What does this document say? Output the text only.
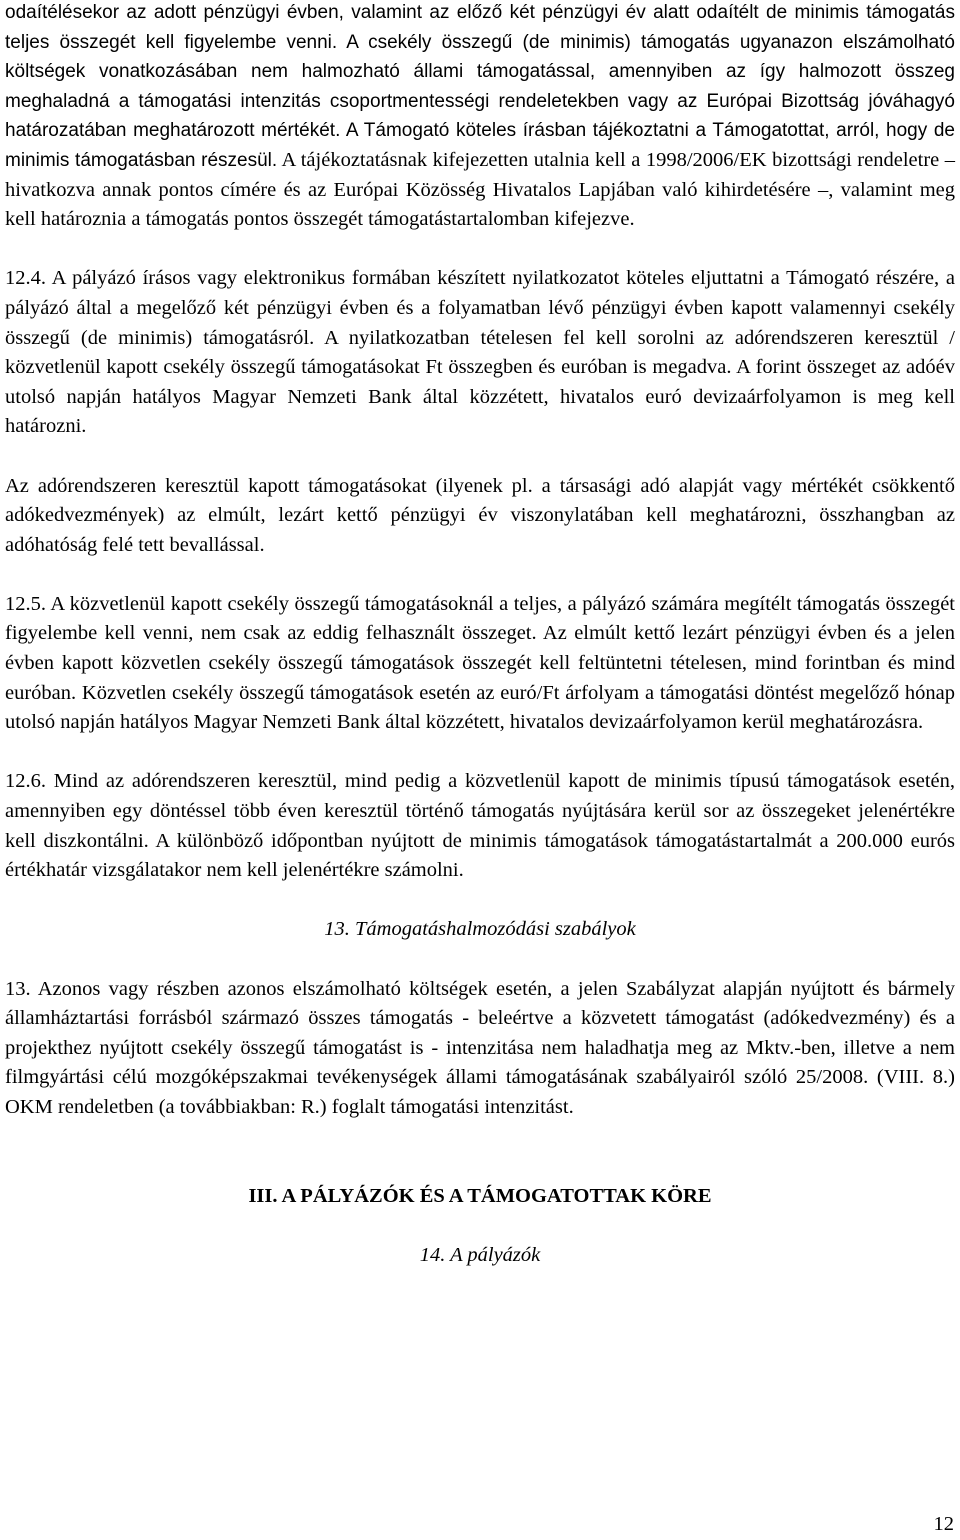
odaítélésekor az adott pénzügyi évben, valamint az előző két pénzügyi év alatt odaítélt de minimis támogatás teljes összegét kell figyelembe venni. A csekély összegű (de minimis) támogatás ugyanazon elszámolható költségek vonatkozásában nem halmozható állami támogatással, amennyiben az így halmozott összeg meghaladná a támogatási intenzitás csoportmentességi rendeletekben vagy az Európai Bizottság jóváhagyó határozatában meghatározott mértékét. A Támogató köteles írásban tájékoztatni a Támogatottat, arról, hogy de minimis támogatásban részesül. A tájékoztatásnak kifejezetten utalnia kell a 1998/2006/EK bizottsági rendeletre – hivatkozva annak pontos címére és az Európai Közösség Hivatalos Lapjában való kihirdetésére –, valamint meg kell határoznia a támogatás pontos összegét támogatástartalomban kifejezve.

12.4. A pályázó írásos vagy elektronikus formában készített nyilatkozatot köteles eljuttatni a Támogató részére, a pályázó által a megelőző két pénzügyi évben és a folyamatban lévő pénzügyi évben kapott valamennyi csekély összegű (de minimis) támogatásról. A nyilatkozatban tételesen fel kell sorolni az adórendszeren keresztül / közvetlenül kapott csekély összegű támogatásokat Ft összegben és euróban is megadva. A forint összeget az adóév utolsó napján hatályos Magyar Nemzeti Bank által közzétett, hivatalos euró devizaárfolyamon is meg kell határozni.

Az adórendszeren keresztül kapott támogatásokat (ilyenek pl. a társasági adó alapját vagy mértékét csökkentő adókedvezmények) az elmúlt, lezárt kettő pénzügyi év viszonylatában kell meghatározni, összhangban az adóhatóság felé tett bevallással.

12.5. A közvetlenül kapott csekély összegű támogatásoknál a teljes, a pályázó számára megítélt támogatás összegét figyelembe kell venni, nem csak az eddig felhasznált összeget. Az elmúlt kettő lezárt pénzügyi évben és a jelen évben kapott közvetlen csekély összegű támogatások összegét kell feltüntetni tételesen, mind forintban és mind euróban. Közvetlen csekély összegű támogatások esetén az euró/Ft árfolyam a támogatási döntést megelőző hónap utolsó napján hatályos Magyar Nemzeti Bank által közzétett, hivatalos devizaárfolyamon kerül meghatározásra.

12.6. Mind az adórendszeren keresztül, mind pedig a közvetlenül kapott de minimis típusú támogatások esetén, amennyiben egy döntéssel több éven keresztül történő támogatás nyújtására kerül sor az összegeket jelenértékre kell diszkontálni. A különböző időpontban nyújtott de minimis támogatások támogatástartalmát a 200.000 eurós értékhatár vizsgálatakor nem kell jelenértékre számolni.

13. Támogatáshalmozódási szabályok

13. Azonos vagy részben azonos elszámolható költségek esetén, a jelen Szabályzat alapján nyújtott és bármely államháztartási forrásból származó összes támogatás - beleértve a közvetett támogatást (adókedvezmény) és a projekthez nyújtott csekély összegű támogatást is - intenzitása nem haladhatja meg az Mktv.-ben, illetve a nem filmgyártási célú mozgóképszakmai tevékenységek állami támogatásának szabályairól szóló 25/2008. (VIII. 8.) OKM rendeletben (a továbbiakban: R.) foglalt támogatási intenzitást.

III. A PÁLYÁZÓK ÉS A TÁMOGATOTTAK KÖRE

14. A pályázók

12
